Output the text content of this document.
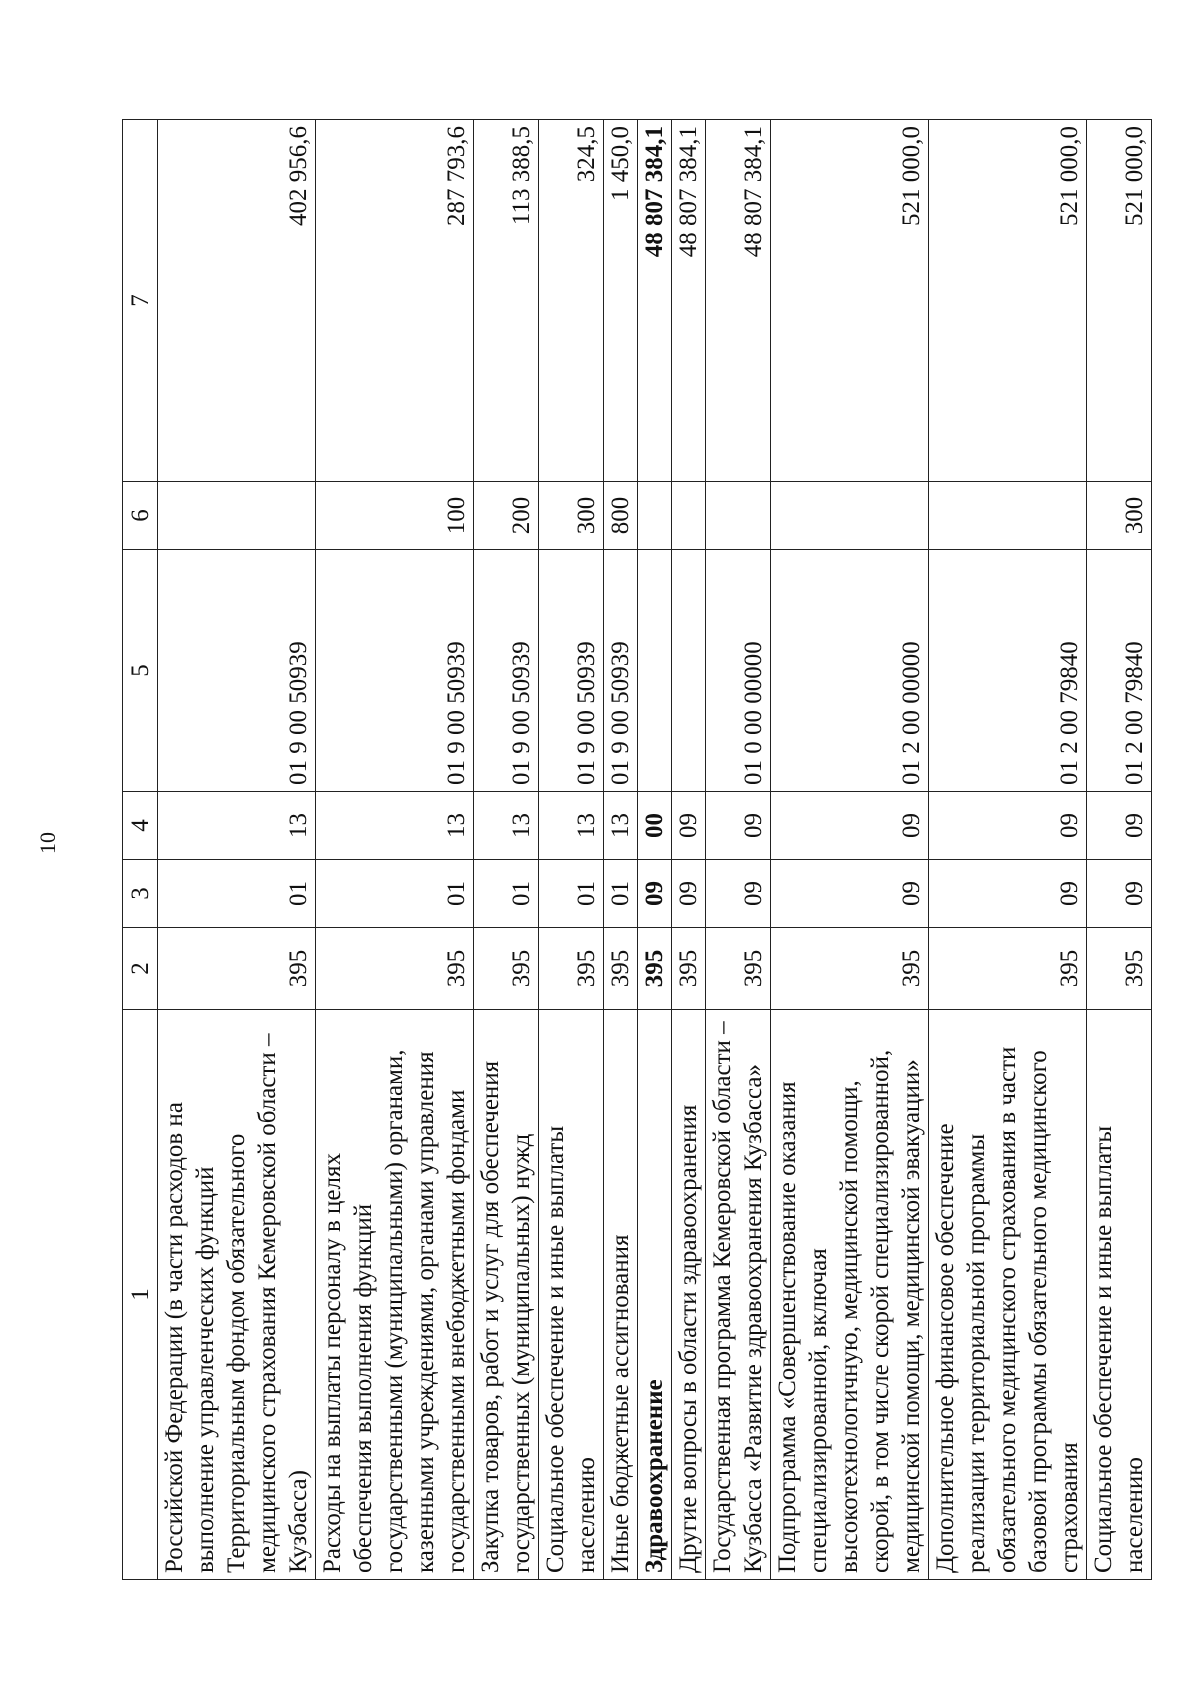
10
1	2	3	4	5	6	7
Российской Федерации (в части расходов на выполнение управленческих функций Территориальным фондом обязательного медицинского страхования Кемеровской области – Кузбасса)	395	01	13	01 9 00 50939		402 956,6
Расходы на выплаты персоналу в целях обеспечения выполнения функций государственными (муниципальными) органами, казенными учреждениями, органами управления государственными внебюджетными фондами	395	01	13	01 9 00 50939	100	287 793,6
Закупка товаров, работ и услуг для обеспечения государственных (муниципальных) нужд	395	01	13	01 9 00 50939	200	113 388,5
Социальное обеспечение и иные выплаты населению	395	01	13	01 9 00 50939	300	324,5
Иные бюджетные ассигнования	395	01	13	01 9 00 50939	800	1 450,0
Здравоохранение	395	09	00			48 807 384,1
Другие вопросы в области здравоохранения	395	09	09			48 807 384,1
Государственная программа Кемеровской области – Кузбасса «Развитие здравоохранения Кузбасса»	395	09	09	01 0 00 00000		48 807 384,1
Подпрограмма «Совершенствование оказания специализированной, включая высокотехнологичную, медицинской помощи, скорой, в том числе скорой специализированной, медицинской помощи, медицинской эвакуации»	395	09	09	01 2 00 00000		521 000,0
Дополнительное финансовое обеспечение реализации территориальной программы обязательного медицинского страхования в части базовой программы обязательного медицинского страхования	395	09	09	01 2 00 79840		521 000,0
Социальное обеспечение и иные выплаты населению	395	09	09	01 2 00 79840	300	521 000,0
